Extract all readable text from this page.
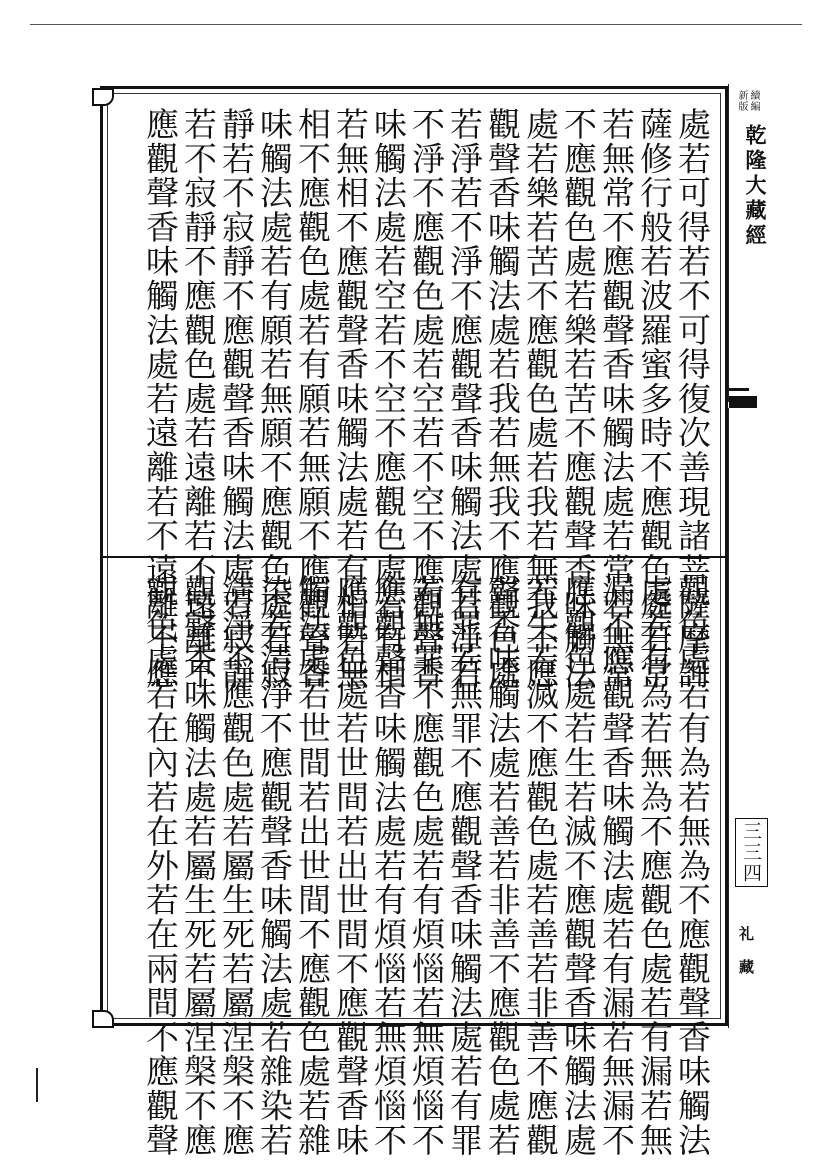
新版 續編
乾隆大藏經
三三四
礼藏
處若可得若不可得復次善現諸菩薩摩訶
薩修行般若波羅蜜多時不應觀色處若常
若無常不應觀聲香味觸法處若常若無常
不應觀色處若樂若苦不應觀聲香味觸法
處若樂若苦不應觀色處若我若無我不應
觀聲香味觸法處若我若無我不應觀色處
若淨若不淨不應觀聲香味觸法處若淨若
不淨不應觀色處若空若不空不應觀聲香
味觸法處若空若不空不應觀色處若有相
若無相不應觀聲香味觸法處若有相若無
相不應觀色處若有願若無願不應觀聲香
味觸法處若有願若無願不應觀色處若寂
靜若不寂靜不應觀聲香味觸法處若寂靜
若不寂靜不應觀色處若遠離若不遠離不
應觀聲香味觸法處若遠離若不遠離不應
觀色處若有為若無為不應觀聲香味觸法
處若有為若無為不應觀色處若有漏若無
漏不應觀聲香味觸法處若有漏若無漏不
應觀色處若生若滅不應觀聲香味觸法處
若生若滅不應觀色處若善若非善不應觀
聲香味觸法處若善若非善不應觀色處若
有罪若無罪不應觀聲香味觸法處若有罪
若無罪不應觀色處若有煩惱若無煩惱不
應觀聲香味觸法處若有煩惱若無煩惱不
應觀色處若世間若出世間不應觀聲香味
觸法處若世間若出世間不應觀色處若雜
染若清淨不應觀聲香味觸法處若雜染若
清淨不應觀色處若屬生死若屬涅槃不應
觀聲香味觸法處若屬生死若屬涅槃不應
觀色處若在內若在外若在兩間不應觀聲	· · · ·
